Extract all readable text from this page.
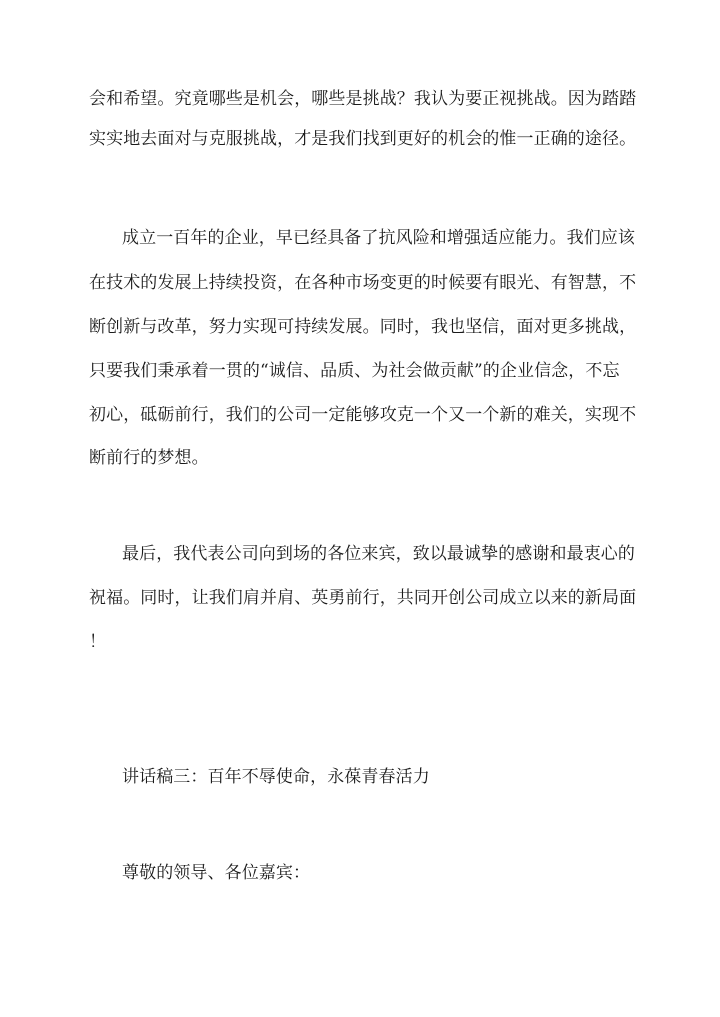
会和希望。究竟哪些是机会，哪些是挑战？我认为要正视挑战。因为踏踏
实实地去面对与克服挑战，才是我们找到更好的机会的惟一正确的途径。
成立一百年的企业，早已经具备了抗风险和增强适应能力。我们应该
在技术的发展上持续投资，在各种市场变更的时候要有眼光、有智慧，不
断创新与改革，努力实现可持续发展。同时，我也坚信，面对更多挑战，
只要我们秉承着一贯的“诚信、品质、为社会做贡献”的企业信念，不忘
初心，砥砺前行，我们的公司一定能够攻克一个又一个新的难关，实现不
断前行的梦想。
最后，我代表公司向到场的各位来宾，致以最诚挚的感谢和最衷心的
祝福。同时，让我们肩并肩、英勇前行，共同开创公司成立以来的新局面
！
讲话稿三：百年不辱使命，永葆青春活力
尊敬的领导、各位嘉宾：
